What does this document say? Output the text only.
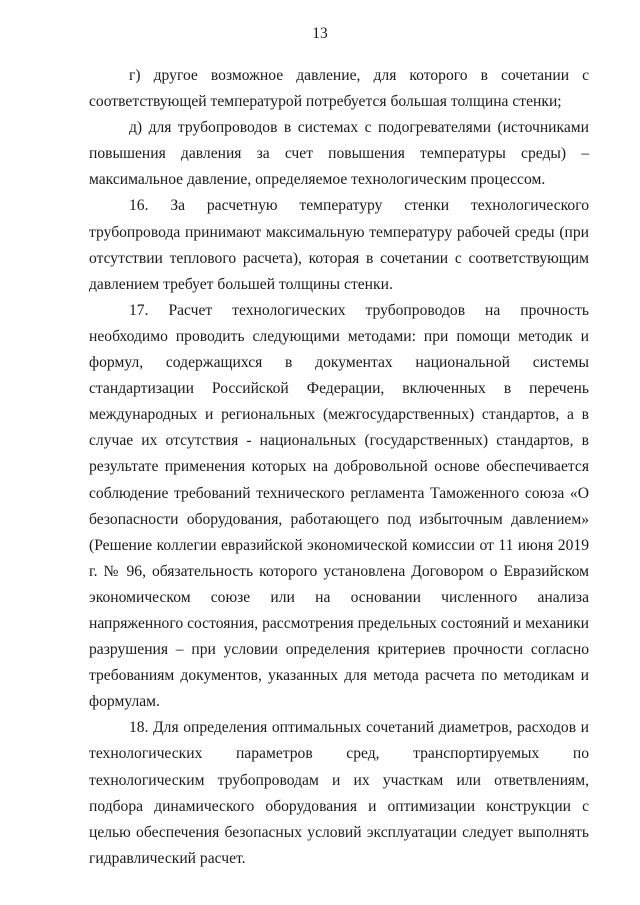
13

г) другое возможное давление, для которого в сочетании с соответствующей температурой потребуется большая толщина стенки;

д) для трубопроводов в системах с подогревателями (источниками повышения давления за счет повышения температуры среды) – максимальное давление, определяемое технологическим процессом.

16. За расчетную температуру стенки технологического трубопровода принимают максимальную температуру рабочей среды (при отсутствии теплового расчета), которая в сочетании с соответствующим давлением требует большей толщины стенки.

17. Расчет технологических трубопроводов на прочность необходимо проводить следующими методами: при помощи методик и формул, содержащихся в документах национальной системы стандартизации Российской Федерации, включенных в перечень международных и региональных (межгосударственных) стандартов, а в случае их отсутствия - национальных (государственных) стандартов, в результате применения которых на добровольной основе обеспечивается соблюдение требований технического регламента Таможенного союза «О безопасности оборудования, работающего под избыточным давлением» (Решение коллегии евразийской экономической комиссии от 11 июня 2019 г. № 96, обязательность которого установлена Договором о Евразийском экономическом союзе или на основании численного анализа напряженного состояния, рассмотрения предельных состояний и механики разрушения – при условии определения критериев прочности согласно требованиям документов, указанных для метода расчета по методикам и формулам.

18. Для определения оптимальных сочетаний диаметров, расходов и технологических параметров сред, транспортируемых по технологическим трубопроводам и их участкам или ответвлениям, подбора динамического оборудования и оптимизации конструкции с целью обеспечения безопасных условий эксплуатации следует выполнять гидравлический расчет.
